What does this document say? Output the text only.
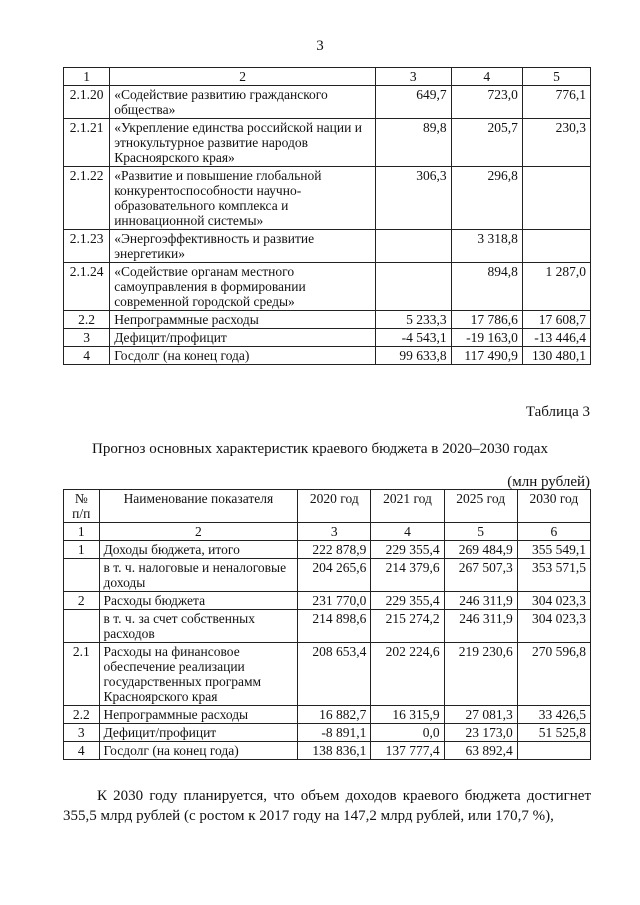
3
1	2	3	4	5
2.1.20	«Содействие развитию гражданского общества»	649,7	723,0	776,1
2.1.21	«Укрепление единства российской нации и этнокультурное развитие народов Красноярского края»	89,8	205,7	230,3
2.1.22	«Развитие и повышение глобальной конкурентоспособности научно-образовательного комплекса и инновационной системы»	306,3	296,8	
2.1.23	«Энергоэффективность и развитие энергетики»		3 318,8	
2.1.24	«Содействие органам местного самоуправления в формировании современной городской среды»		894,8	1 287,0
2.2	Непрограммные расходы	5 233,3	17 786,6	17 608,7
3	Дефицит/профицит	-4 543,1	-19 163,0	-13 446,4
4	Госдолг (на конец года)	99 633,8	117 490,9	130 480,1
Таблица 3
Прогноз основных характеристик краевого бюджета в 2020–2030 годах
(млн рублей)
№ п/п	Наименование показателя	2020 год	2021 год	2025 год	2030 год
1	2	3	4	5	6
1	Доходы бюджета, итого	222 878,9	229 355,4	269 484,9	355 549,1
	в т. ч. налоговые и неналоговые доходы	204 265,6	214 379,6	267 507,3	353 571,5
2	Расходы бюджета	231 770,0	229 355,4	246 311,9	304 023,3
	в т. ч. за счет собственных расходов	214 898,6	215 274,2	246 311,9	304 023,3
2.1	Расходы на финансовое обеспечение реализации государственных программ Красноярского края	208 653,4	202 224,6	219 230,6	270 596,8
2.2	Непрограммные расходы	16 882,7	16 315,9	27 081,3	33 426,5
3	Дефицит/профицит	-8 891,1	0,0	23 173,0	51 525,8
4	Госдолг (на конец года)	138 836,1	137 777,4	63 892,4	
К 2030 году планируется, что объем доходов краевого бюджета достигнет 355,5 млрд рублей (с ростом к 2017 году на 147,2 млрд рублей, или 170,7 %),
